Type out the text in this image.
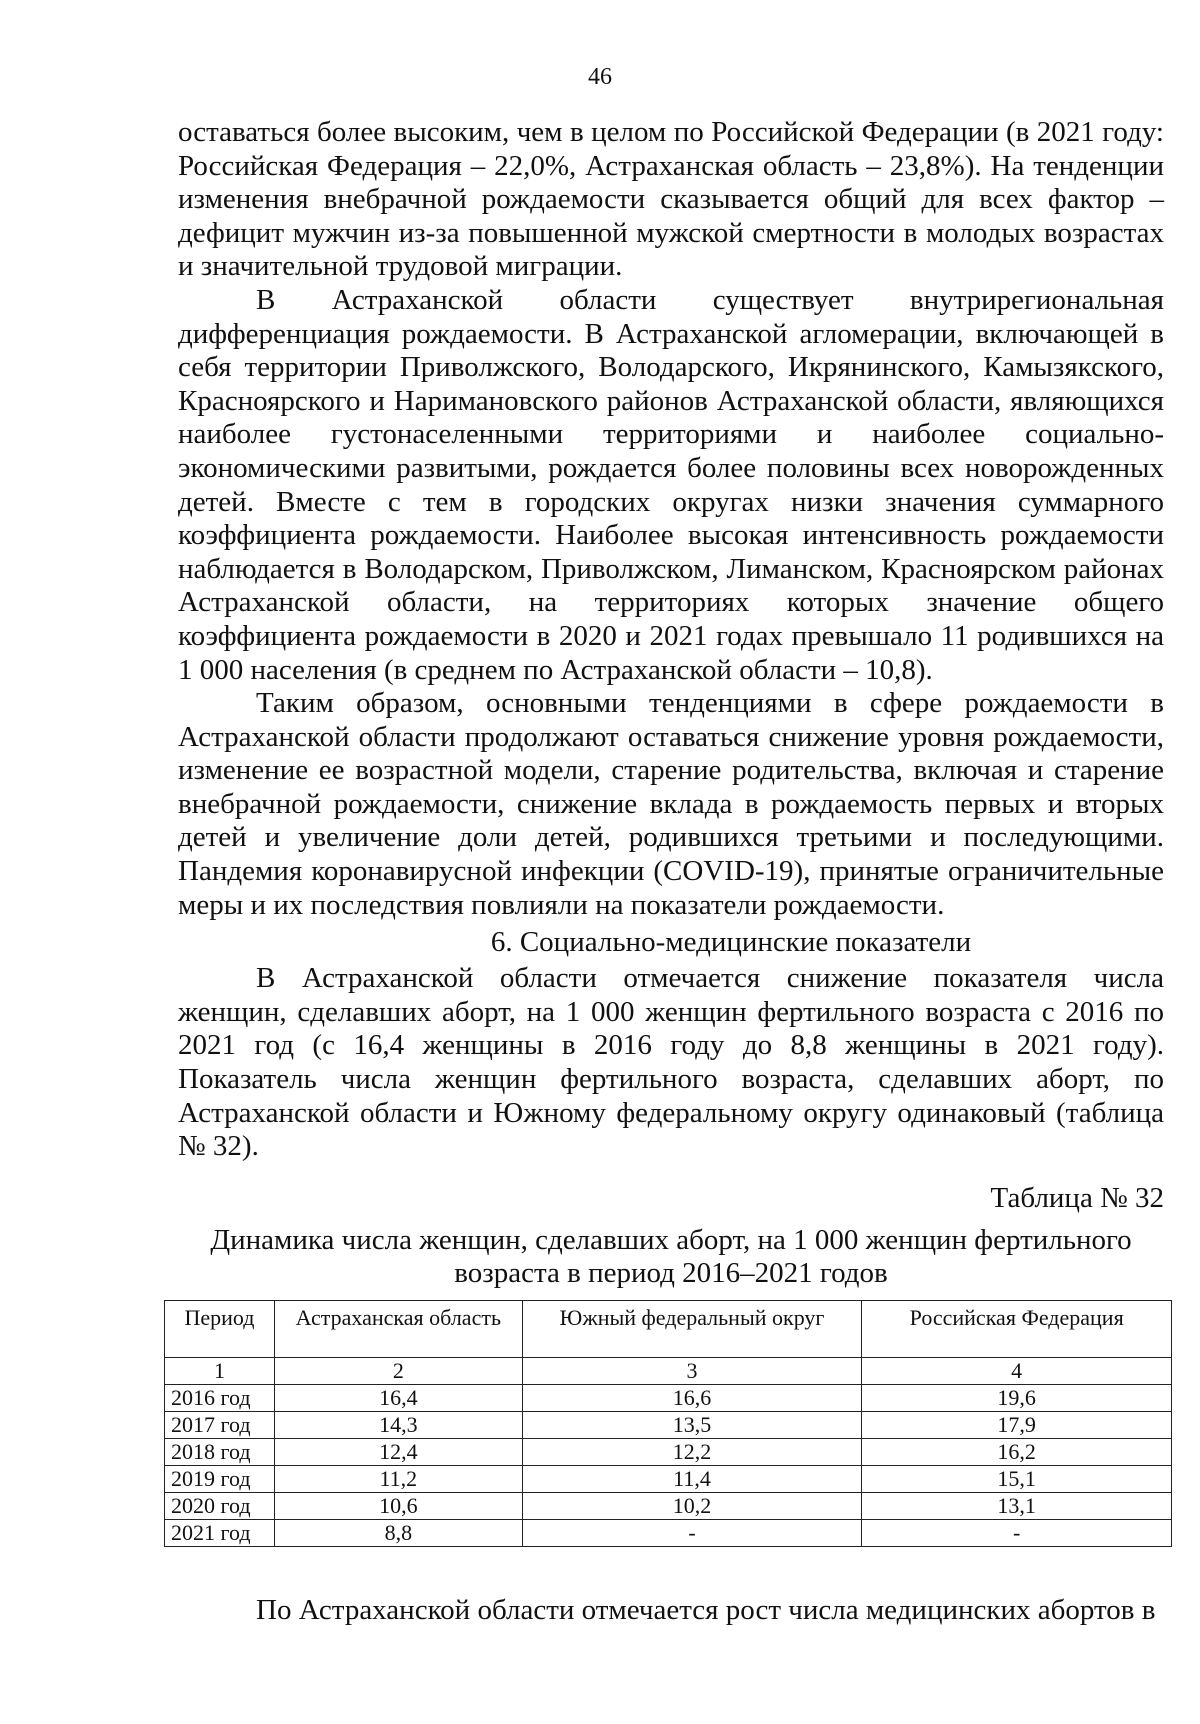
46

оставаться более высоким, чем в целом по Российской Федерации (в 2021 году: Российская Федерация – 22,0%, Астраханская область – 23,8%). На тенденции изменения внебрачной рождаемости сказывается общий для всех фактор – дефицит мужчин из-за повышенной мужской смертности в молодых возрастах и значительной трудовой миграции.

В Астраханской области существует внутрирегиональная дифференциация рождаемости. В Астраханской агломерации, включающей в себя территории Приволжского, Володарского, Икрянинского, Камызякского, Красноярского и Наримановского районов Астраханской области, являющихся наиболее густонаселенными территориями и наиболее социально-экономическими развитыми, рождается более половины всех новорожденных детей. Вместе с тем в городских округах низки значения суммарного коэффициента рождаемости. Наиболее высокая интенсивность рождаемости наблюдается в Володарском, Приволжском, Лиманском, Красноярском районах Астраханской области, на территориях которых значение общего коэффициента рождаемости в 2020 и 2021 годах превышало 11 родившихся на 1 000 населения (в среднем по Астраханской области – 10,8).

Таким образом, основными тенденциями в сфере рождаемости в Астраханской области продолжают оставаться снижение уровня рождаемости, изменение ее возрастной модели, старение родительства, включая и старение внебрачной рождаемости, снижение вклада в рождаемость первых и вторых детей и увеличение доли детей, родившихся третьими и последующими. Пандемия коронавирусной инфекции (COVID-19), принятые ограничительные меры и их последствия повлияли на показатели рождаемости.

6. Социально-медицинские показатели

В Астраханской области отмечается снижение показателя числа женщин, сделавших аборт, на 1 000 женщин фертильного возраста с 2016 по 2021 год (с 16,4 женщины в 2016 году до 8,8 женщины в 2021 году). Показатель числа женщин фертильного возраста, сделавших аборт, по Астраханской области и Южному федеральному округу одинаковый (таблица № 32).

Таблица № 32

Динамика числа женщин, сделавших аборт, на 1 000 женщин фертильного возраста в период 2016–2021 годов

Период	Астраханская область	Южный федеральный округ	Российская Федерация
1	2	3	4
2016 год	16,4	16,6	19,6
2017 год	14,3	13,5	17,9
2018 год	12,4	12,2	16,2
2019 год	11,2	11,4	15,1
2020 год	10,6	10,2	13,1
2021 год	8,8	-	-
По Астраханской области отмечается рост числа медицинских абортов в
